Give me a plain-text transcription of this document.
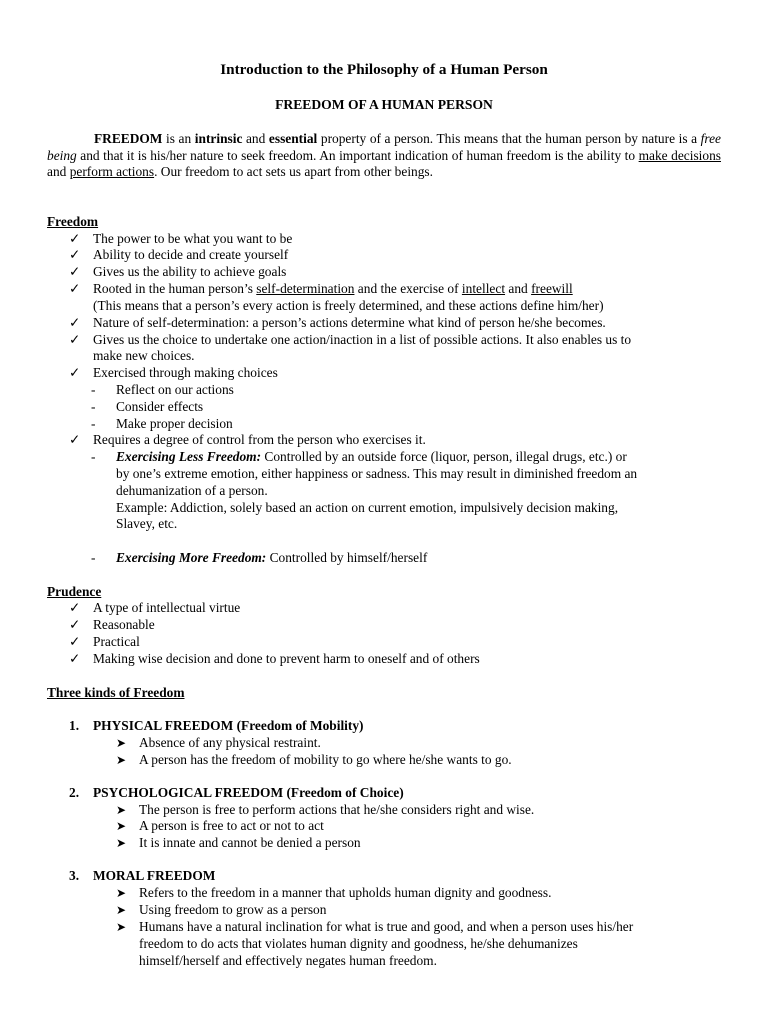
Introduction to the Philosophy of a Human Person
FREEDOM OF A HUMAN PERSON

FREEDOM is an intrinsic and essential property of a person. This means that the human person by nature is a free being and that it is his/her nature to seek freedom. An important indication of human freedom is the ability to make decisions and perform actions. Our freedom to act sets us apart from other beings.

Freedom
✓ The power to be what you want to be
✓ Ability to decide and create yourself
✓ Gives us the ability to achieve goals
✓ Rooted in the human person’s self-determination and the exercise of intellect and freewill
(This means that a person’s every action is freely determined, and these actions define him/her)
✓ Nature of self-determination: a person’s actions determine what kind of person he/she becomes.
✓ Gives us the choice to undertake one action/inaction in a list of possible actions. It also enables us to
make new choices.
✓ Exercised through making choices
- Reflect on our actions
- Consider effects
- Make proper decision
✓ Requires a degree of control from the person who exercises it.
- Exercising Less Freedom: Controlled by an outside force (liquor, person, illegal drugs, etc.) or
by one’s extreme emotion, either happiness or sadness. This may result in diminished freedom an
dehumanization of a person.
Example: Addiction, solely based an action on current emotion, impulsively decision making,
Slavey, etc.
- Exercising More Freedom: Controlled by himself/herself
Prudence
✓ A type of intellectual virtue
✓ Reasonable
✓ Practical
✓ Making wise decision and done to prevent harm to oneself and of others
Three kinds of Freedom
1. PHYSICAL FREEDOM (Freedom of Mobility)
➤ Absence of any physical restraint.
➤ A person has the freedom of mobility to go where he/she wants to go.
2. PSYCHOLOGICAL FREEDOM (Freedom of Choice)
➤ The person is free to perform actions that he/she considers right and wise.
➤ A person is free to act or not to act
➤ It is innate and cannot be denied a person
3. MORAL FREEDOM
➤ Refers to the freedom in a manner that upholds human dignity and goodness.
➤ Using freedom to grow as a person
➤ Humans have a natural inclination for what is true and good, and when a person uses his/her
freedom to do acts that violates human dignity and goodness, he/she dehumanizes
himself/herself and effectively negates human freedom.
